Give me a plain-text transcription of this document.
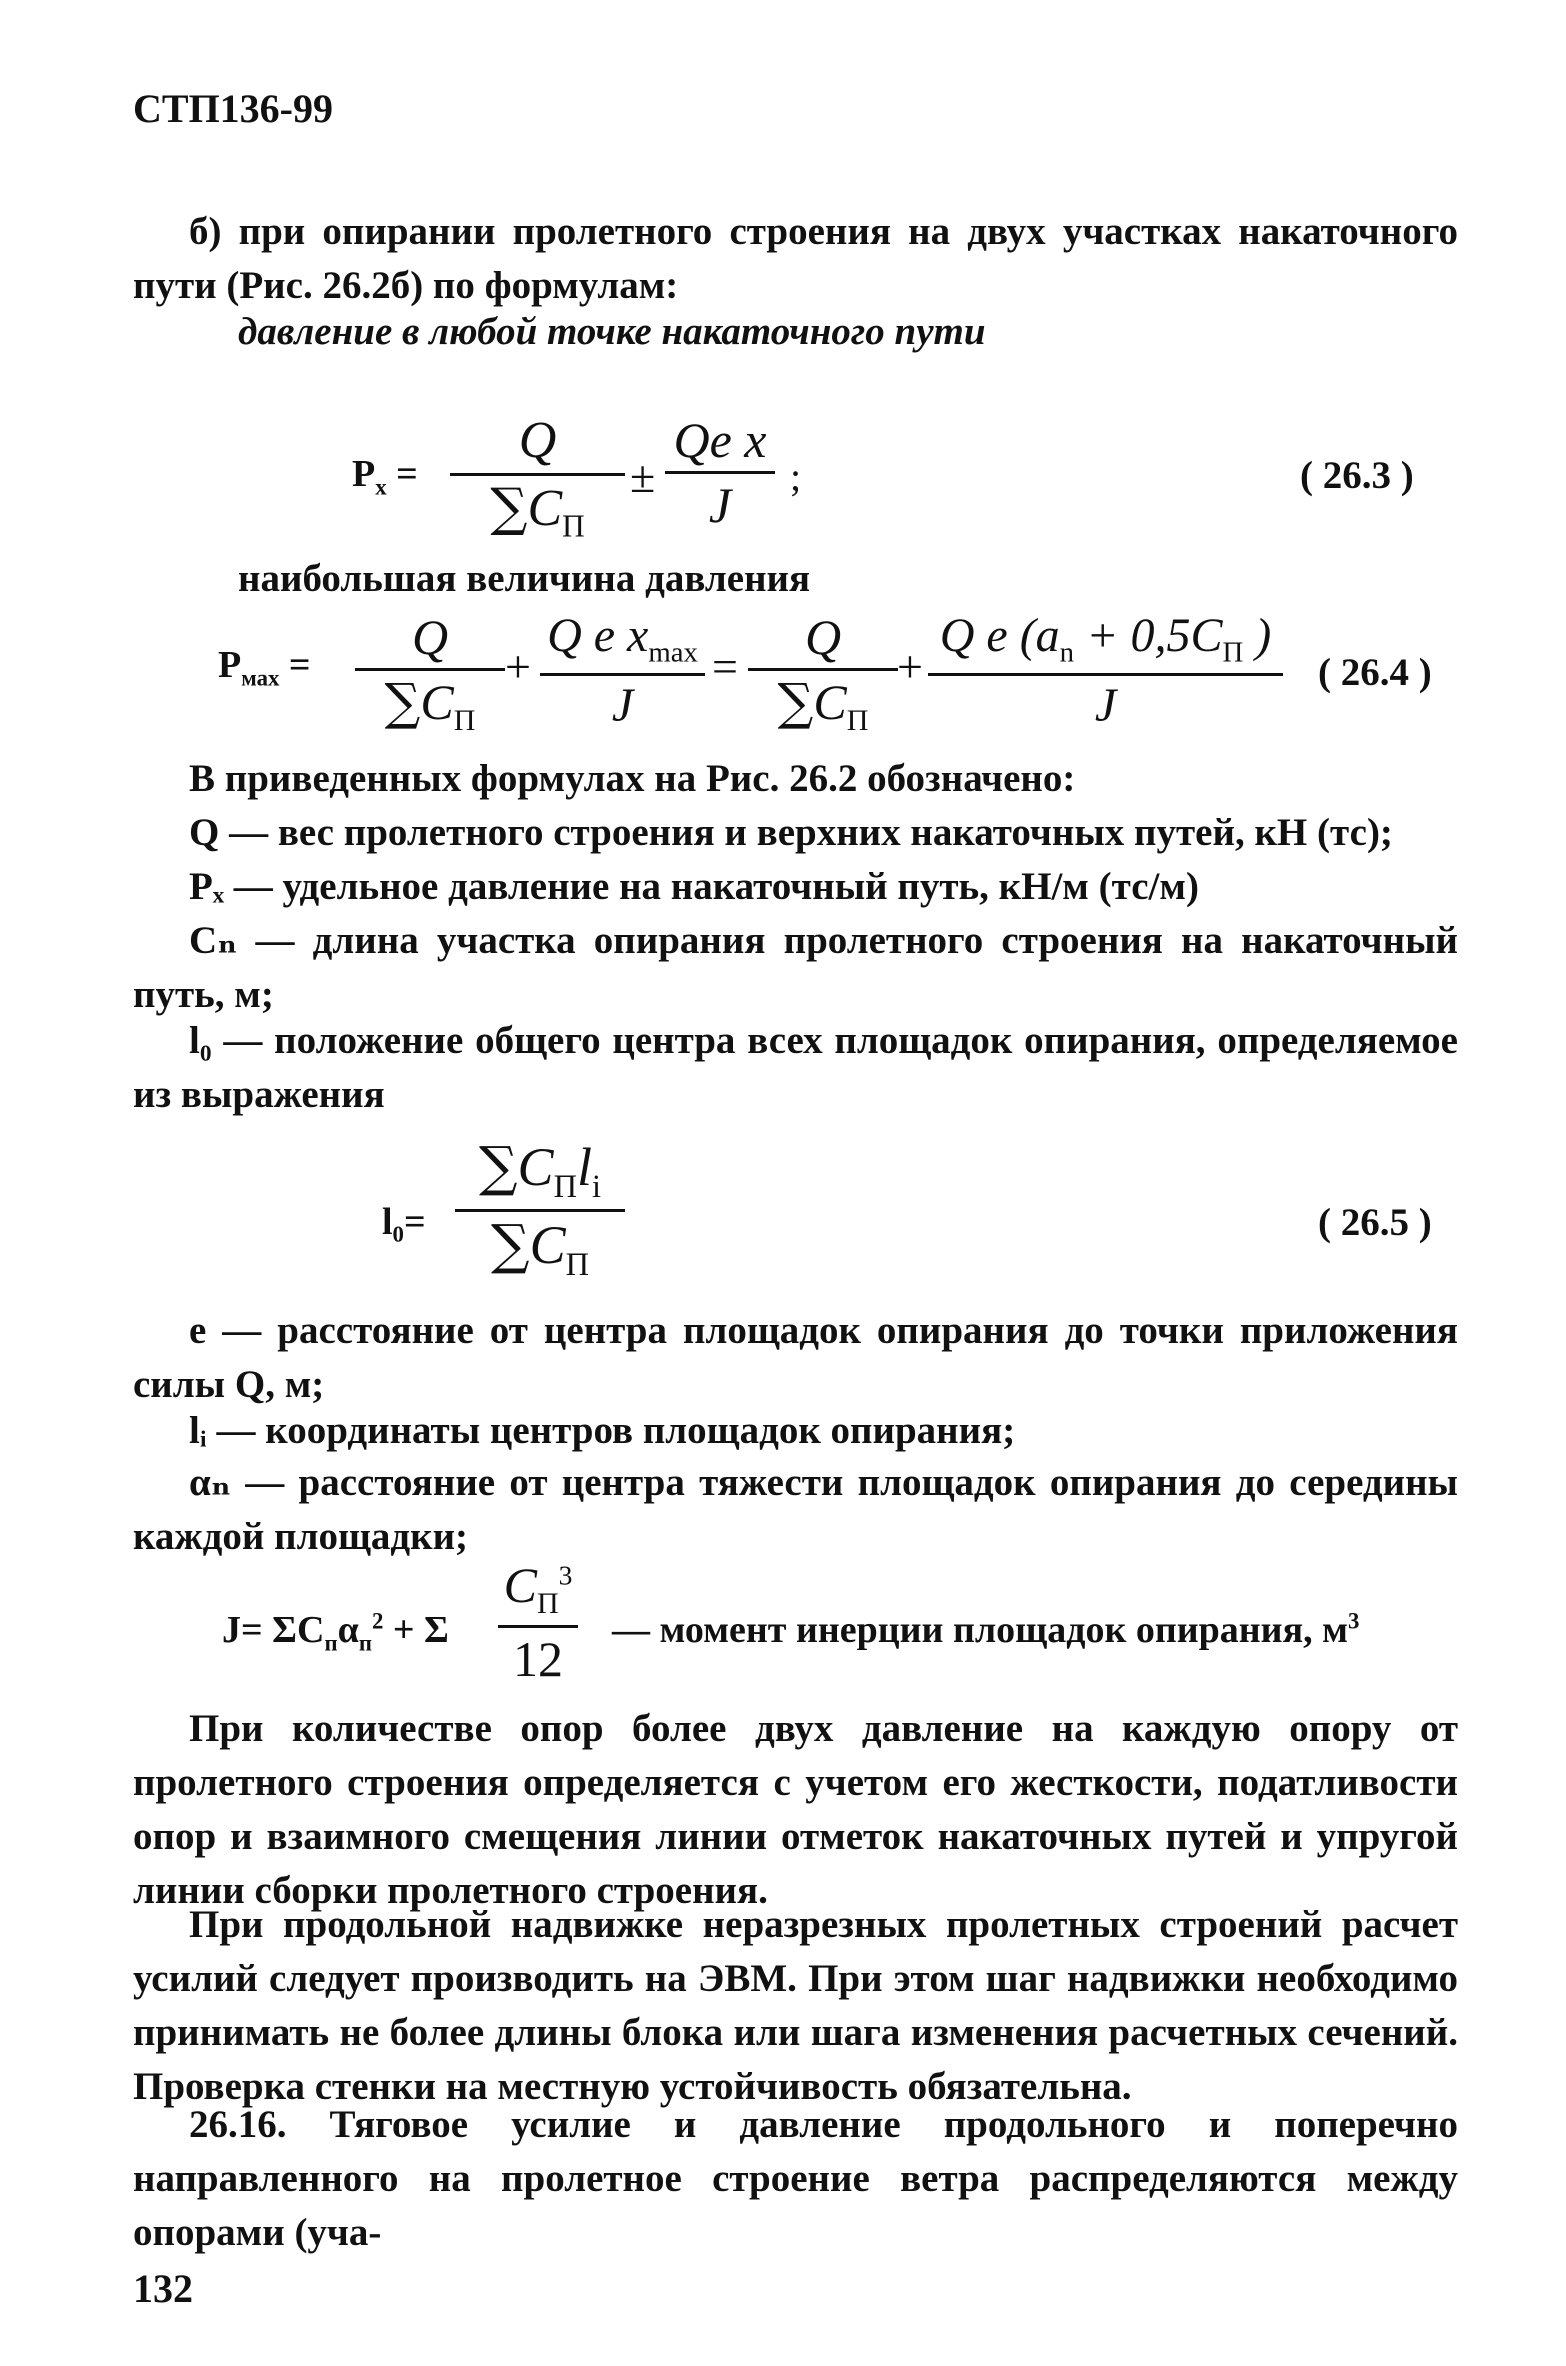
СТП136-99
б) при опирании пролетного строения на двух участках накаточного пути (Рис. 26.2б) по формулам:
давление в любой точке накаточного пути
$P_x$ =
Q
$\sum C_П$
±
Qe x
J
;	( 26.3 )
наибольшая величина давления
$P_{мах} = Q$
$\sum C_П$
+
Q e $x_{max}$
J
=
Q
$\sum C_П$
+
Q e ($a_n + 0,5C_П$ )
J
( 26.4 )
В приведенных формулах на Рис. 26.2 обозначено:
Q — вес пролетного строения и верхних накаточных путей, кН (тс);
Pₓ — удельное давление на накаточный путь, кН/м (тс/м)
Cₙ — длина участка опирания пролетного строения на накаточный путь, м;
l₀ — положение общего центра всех площадок опирания, определяемое из выражения
l₀=
$\sum C_Пl_i$
$\sum C_П$
( 26.5 )
е — расстояние от центра площадок опирания до точки приложения силы Q, м;
lᵢ — координаты центров площадок опирания;
αₙ — расстояние от центра тяжести площадок опирания до середины каждой площадки;
$J= \Sigma C_п\alpha_п^2 + \Sigma$
$C_П^3$
12
— момент инерции площадок опирания, $м^3$
При количестве опор более двух давление на каждую опору от пролетного строения определяется с учетом его жесткости, податливости опор и взаимного смещения линии отметок накаточных путей и упругой линии сборки пролетного строения.
При продольной надвижке неразрезных пролетных строений расчет усилий следует производить на ЭВМ. При этом шаг надвижки необходимо принимать не более длины блока или шага изменения расчетных сечений. Проверка стенки на местную устойчивость обязательна.
26.16. Тяговое усилие и давление продольного и поперечно направленного на пролетное строение ветра распределяются между опорами (уча-
132
